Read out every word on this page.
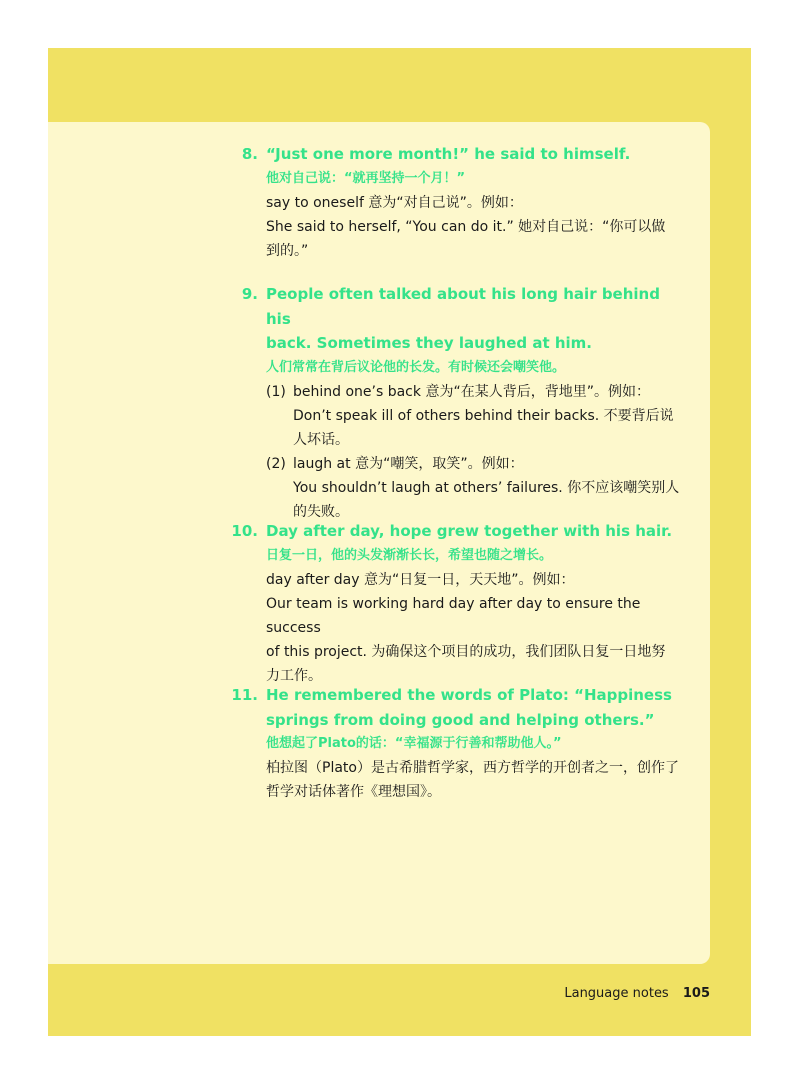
8. “Just one more month!” he said to himself.
他对自己说：“就再坚持一个月！”
say to oneself 意为“对自己说”。例如：
She said to herself, “You can do it.” 她对自己说：“你可以做
到的。”
9. People often talked about his long hair behind his
back. Sometimes they laughed at him.
人们常常在背后议论他的长发。有时候还会嘲笑他。
(1) behind one’s back 意为“在某人背后，背地里”。例如：
Don’t speak ill of others behind their backs. 不要背后说
人坏话。
(2) laugh at 意为“嘲笑，取笑”。例如：
You shouldn’t laugh at others’ failures. 你不应该嘲笑别人
的失败。
10. Day after day, hope grew together with his hair.
日复一日，他的头发渐渐长长，希望也随之增长。
day after day 意为“日复一日，天天地”。例如：
Our team is working hard day after day to ensure the success
of this project. 为确保这个项目的成功，我们团队日复一日地努
力工作。
11. He remembered the words of Plato: “Happiness
springs from doing good and helping others.”
他想起了Plato的话：“幸福源于行善和帮助他人。”
柏拉图（Plato）是古希腊哲学家，西方哲学的开创者之一，创作了
哲学对话体著作《理想国》。
Language notes 105
